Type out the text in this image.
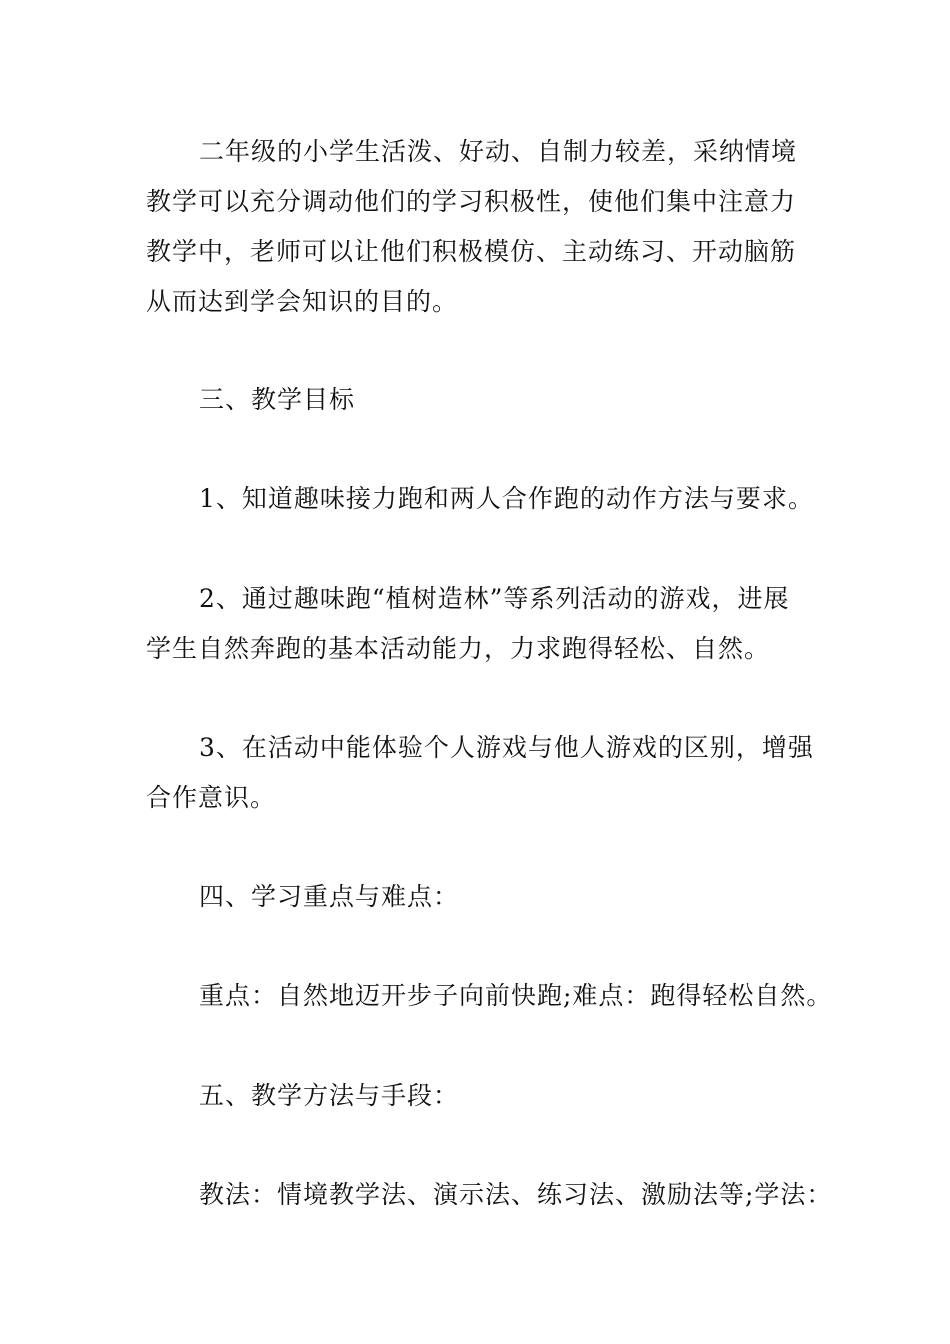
二年级的小学生活泼、好动、自制力较差，采纳情境
教学可以充分调动他们的学习积极性，使他们集中注意力
教学中，老师可以让他们积极模仿、主动练习、开动脑筋
从而达到学会知识的目的。
三、教学目标
1、知道趣味接力跑和两人合作跑的动作方法与要求。
2、通过趣味跑“植树造林”等系列活动的游戏，进展
学生自然奔跑的基本活动能力，力求跑得轻松、自然。
3、在活动中能体验个人游戏与他人游戏的区别，增强
合作意识。
四、学习重点与难点：
重点：自然地迈开步子向前快跑;难点：跑得轻松自然。
五、教学方法与手段：
教法：情境教学法、演示法、练习法、激励法等;学法：
